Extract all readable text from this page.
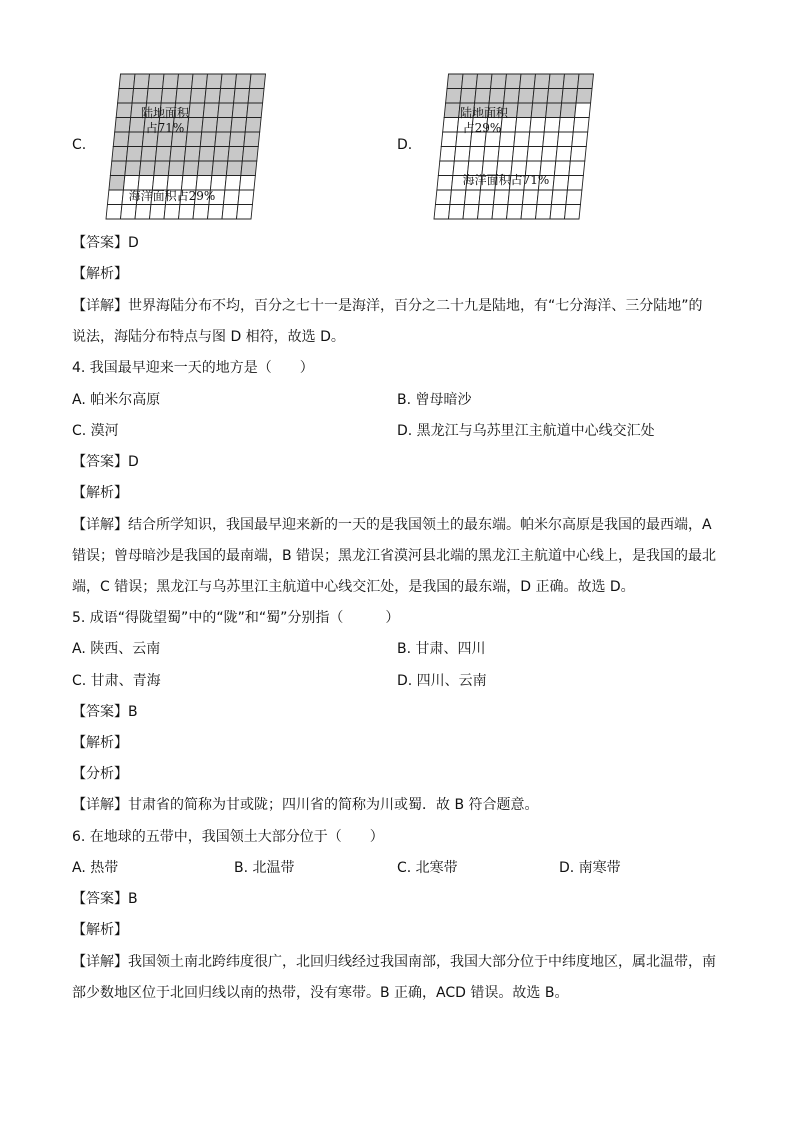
C.
陆地面积
占71%
海洋面积占29%
D.
陆地面积
占29%
海洋面积占71%
【答案】D
【解析】
【详解】世界海陆分布不均，百分之七十一是海洋，百分之二十九是陆地，有“七分海洋、三分陆地”的
说法，海陆分布特点与图 D 相符，故选 D。
4. 我国最早迎来一天的地方是（　　）
A. 帕米尔高原	B. 曾母暗沙
C. 漠河	D. 黑龙江与乌苏里江主航道中心线交汇处
【答案】D
【解析】
【详解】结合所学知识，我国最早迎来新的一天的是我国领土的最东端。帕米尔高原是我国的最西端，A
错误；曾母暗沙是我国的最南端，B 错误；黑龙江省漠河县北端的黑龙江主航道中心线上，是我国的最北
端，C 错误；黑龙江与乌苏里江主航道中心线交汇处，是我国的最东端，D 正确。故选 D。
5. 成语“得陇望蜀”中的“陇”和“蜀”分别指（　　　）
A. 陕西、云南	B. 甘肃、四川
C. 甘肃、青海	D. 四川、云南
【答案】B
【解析】
【分析】
【详解】甘肃省的简称为甘或陇；四川省的简称为川或蜀．故 B 符合题意。
6. 在地球的五带中，我国领土大部分位于（　　）
A. 热带	B. 北温带	C. 北寒带	D. 南寒带
【答案】B
【解析】
【详解】我国领土南北跨纬度很广，北回归线经过我国南部，我国大部分位于中纬度地区，属北温带，南
部少数地区位于北回归线以南的热带，没有寒带。B 正确，ACD 错误。故选 B。
